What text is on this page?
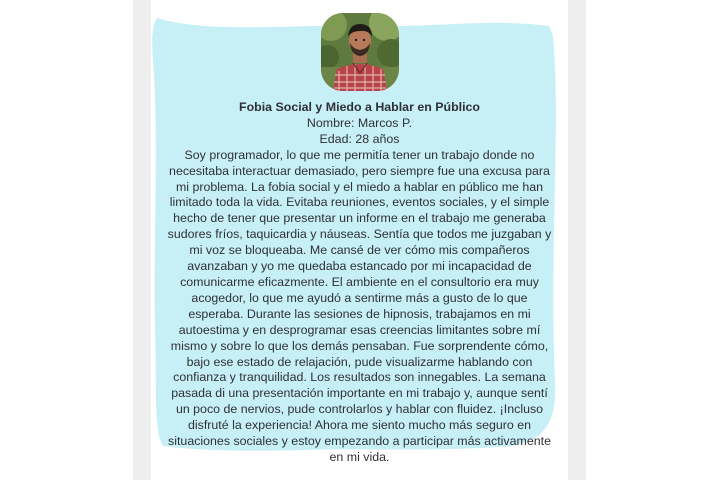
Fobia Social y Miedo a Hablar en Público

Nombre: Marcos P.

Edad: 28 años

Soy programador, lo que me permitía tener un trabajo donde no necesitaba interactuar demasiado, pero siempre fue una excusa para mi problema. La fobia social y el miedo a hablar en público me han limitado toda la vida. Evitaba reuniones, eventos sociales, y el simple hecho de tener que presentar un informe en el trabajo me generaba sudores fríos, taquicardia y náuseas. Sentía que todos me juzgaban y mi voz se bloqueaba. Me cansé de ver cómo mis compañeros avanzaban y yo me quedaba estancado por mi incapacidad de comunicarme eficazmente. El ambiente en el consultorio era muy acogedor, lo que me ayudó a sentirme más a gusto de lo que esperaba. Durante las sesiones de hipnosis, trabajamos en mi autoestima y en desprogramar esas creencias limitantes sobre mí mismo y sobre lo que los demás pensaban. Fue sorprendente cómo, bajo ese estado de relajación, pude visualizarme hablando con confianza y tranquilidad. Los resultados son innegables. La semana pasada di una presentación importante en mi trabajo y, aunque sentí un poco de nervios, pude controlarlos y hablar con fluidez. ¡Incluso disfruté la experiencia! Ahora me siento mucho más seguro en situaciones sociales y estoy empezando a participar más activamente en mi vida.
